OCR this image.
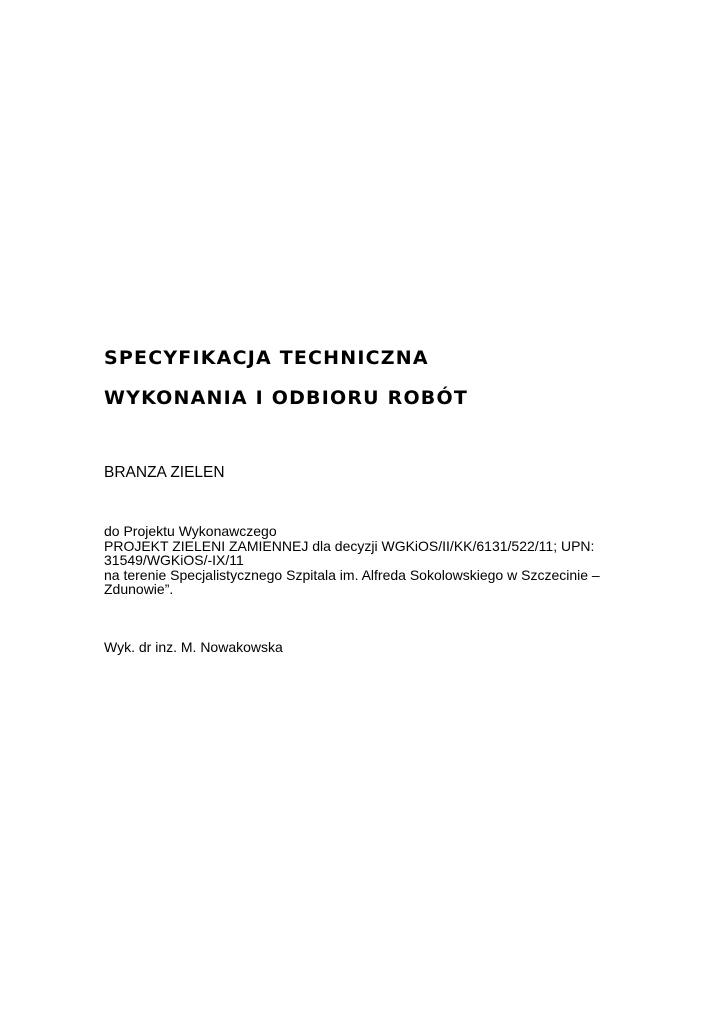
SPECYFIKACJA TECHNICZNA
WYKONANIA I ODBIORU ROBÓT
BRANZA ZIELEN
do Projektu Wykonawczego
PROJEKT ZIELENI ZAMIENNEJ dla decyzji WGKiOS/II/KK/6131/522/11; UPN:
31549/WGKiOS/-IX/11
na terenie Specjalistycznego Szpitala im. Alfreda Sokolowskiego w Szczecinie –
Zdunowie”.
Wyk. dr inz. M. Nowakowska
